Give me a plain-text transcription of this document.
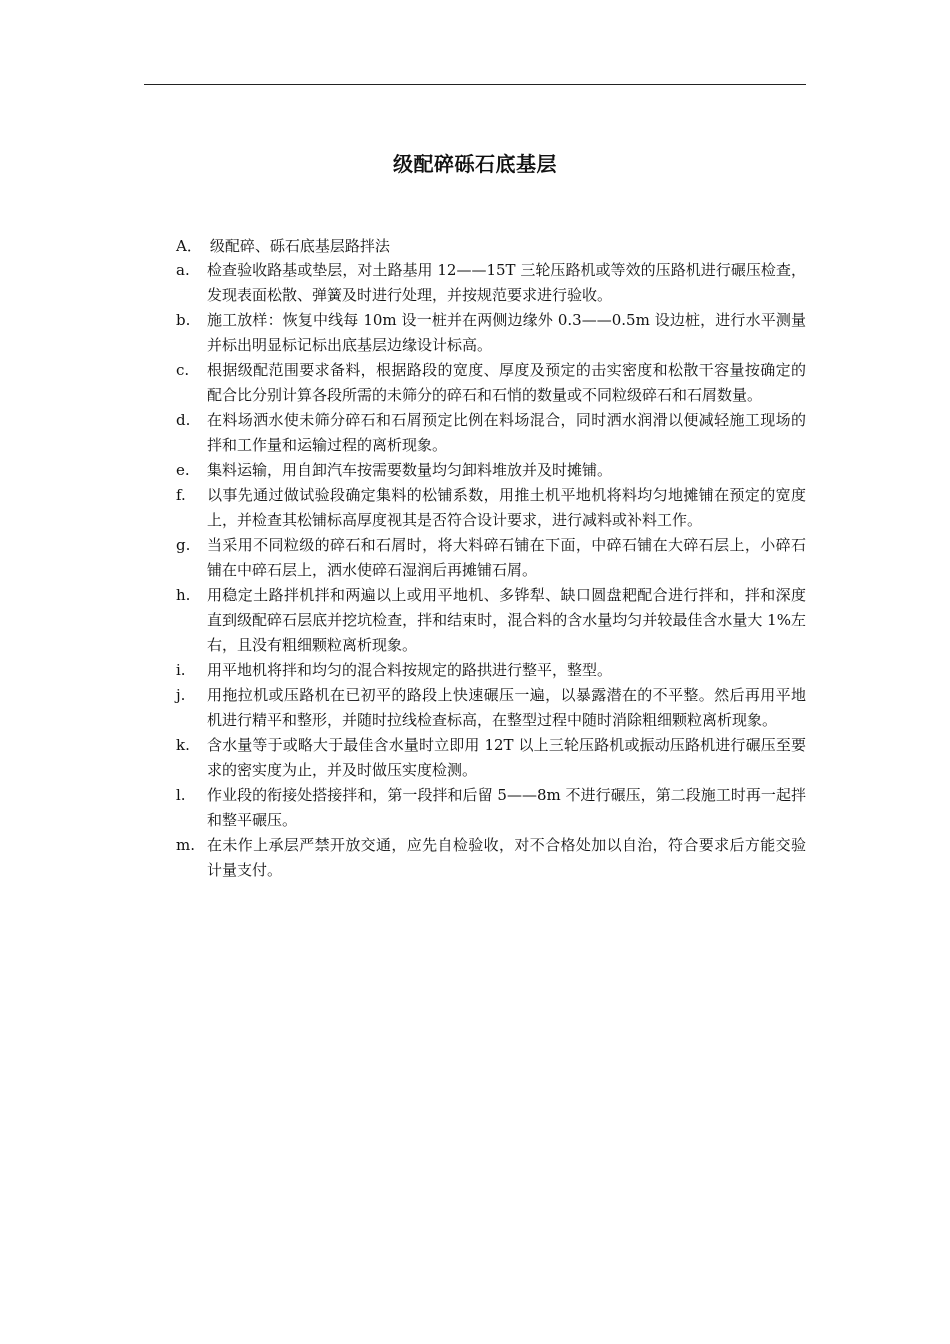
级配碎砾石底基层
A． 级配碎、砾石底基层路拌法
a.	检查验收路基或垫层，对土路基用 12——15T 三轮压路机或等效的压路机进行碾压检查，发现表面松散、弹簧及时进行处理，并按规范要求进行验收。
b.	施工放样：恢复中线每 10m 设一桩并在两侧边缘外 0.3——0.5m 设边桩，进行水平测量并标出明显标记标出底基层边缘设计标高。
c.	根据级配范围要求备料，根据路段的宽度、厚度及预定的击实密度和松散干容量按确定的配合比分别计算各段所需的未筛分的碎石和石悄的数量或不同粒级碎石和石屑数量。
d.	在料场洒水使未筛分碎石和石屑预定比例在料场混合，同时洒水润滑以便减轻施工现场的拌和工作量和运输过程的离析现象。
e.	集料运输，用自卸汽车按需要数量均匀卸料堆放并及时摊铺。
f.	以事先通过做试验段确定集料的松铺系数，用推土机平地机将料均匀地摊铺在预定的宽度上，并检查其松铺标高厚度视其是否符合设计要求，进行减料或补料工作。
g.	当采用不同粒级的碎石和石屑时，将大料碎石铺在下面，中碎石铺在大碎石层上，小碎石铺在中碎石层上，洒水使碎石湿润后再摊铺石屑。
h.	用稳定土路拌机拌和两遍以上或用平地机、多铧犁、缺口圆盘耙配合进行拌和，拌和深度直到级配碎石层底并挖坑检查，拌和结束时，混合料的含水量均匀并较最佳含水量大 1%左右，且没有粗细颗粒离析现象。
i.	用平地机将拌和均匀的混合料按规定的路拱进行整平，整型。
j.	用拖拉机或压路机在已初平的路段上快速碾压一遍，以暴露潜在的不平整。然后再用平地机进行精平和整形，并随时拉线检查标高，在整型过程中随时消除粗细颗粒离析现象。
k.	含水量等于或略大于最佳含水量时立即用 12T 以上三轮压路机或振动压路机进行碾压至要求的密实度为止，并及时做压实度检测。
l.	作业段的衔接处搭接拌和，第一段拌和后留 5——8m 不进行碾压，第二段施工时再一起拌和整平碾压。
m. 在未作上承层严禁开放交通，应先自检验收，对不合格处加以自治，符合要求后方能交验计量支付。
